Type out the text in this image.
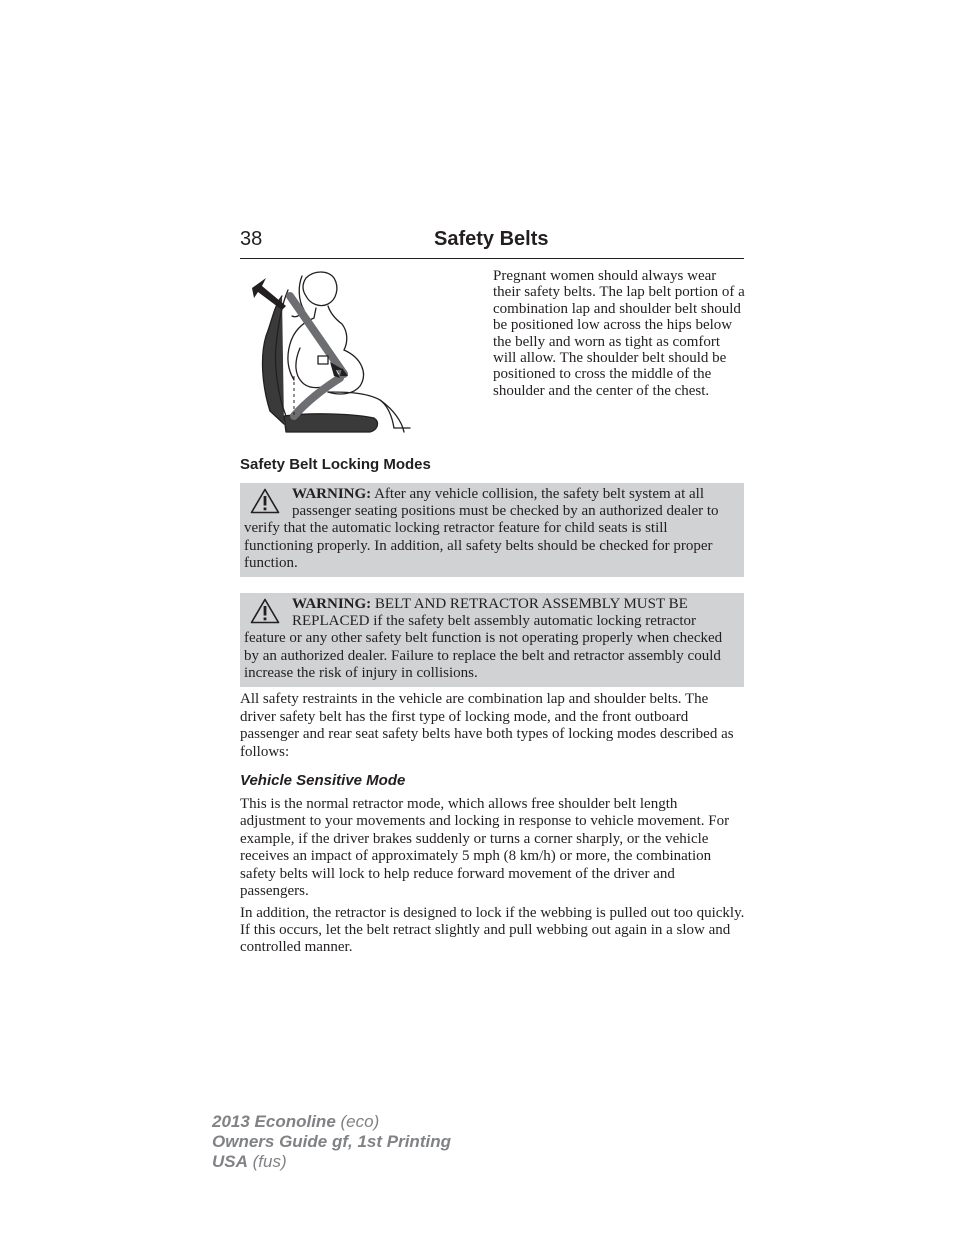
38	Safety Belts
Pregnant women should always wear their safety belts. The lap belt portion of a combination lap and shoulder belt should be positioned low across the hips below the belly and worn as tight as comfort will allow. The shoulder belt should be positioned to cross the middle of the shoulder and the center of the chest.
Safety Belt Locking Modes
WARNING: After any vehicle collision, the safety belt system at all passenger seating positions must be checked by an authorized dealer to verify that the automatic locking retractor feature for child seats is still functioning properly. In addition, all safety belts should be checked for proper function.
WARNING: BELT AND RETRACTOR ASSEMBLY MUST BE REPLACED if the safety belt assembly automatic locking retractor feature or any other safety belt function is not operating properly when checked by an authorized dealer. Failure to replace the belt and retractor assembly could increase the risk of injury in collisions.

All safety restraints in the vehicle are combination lap and shoulder belts. The driver safety belt has the first type of locking mode, and the front outboard passenger and rear seat safety belts have both types of locking modes described as follows:

Vehicle Sensitive Mode

This is the normal retractor mode, which allows free shoulder belt length adjustment to your movements and locking in response to vehicle movement. For example, if the driver brakes suddenly or turns a corner sharply, or the vehicle receives an impact of approximately 5 mph (8 km/h) or more, the combination safety belts will lock to help reduce forward movement of the driver and passengers.

In addition, the retractor is designed to lock if the webbing is pulled out too quickly. If this occurs, let the belt retract slightly and pull webbing out again in a slow and controlled manner.

2013 Econoline (eco)
Owners Guide gf, 1st Printing
USA (fus)
